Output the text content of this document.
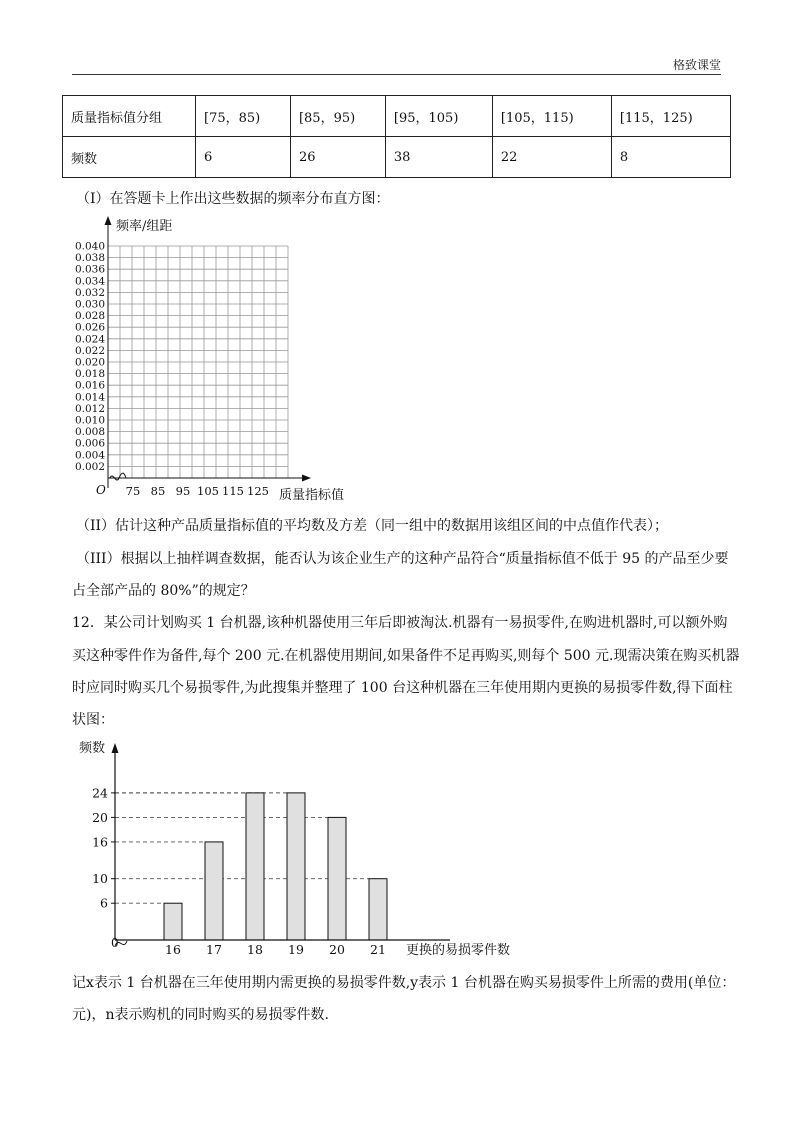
格致课堂
质量指标值分组	[75，85)	[85，95)	[95，105)	[105，115)	[115，125)
频数	6	26	38	22	8
（I）在答题卡上作出这些数据的频率分布直方图：
0.040
0.038
0.036
0.034
0.032
0.030
0.028
0.026
0.024
0.022
0.020
0.018
0.016
0.014
0.012
0.010
0.008
0.006
0.004
0.002
75 85 95 105 115 125
频率/组距
质量指标值
O
（II）估计这种产品质量指标值的平均数及方差（同一组中的数据用该组区间的中点值作代表）；
（III）根据以上抽样调查数据，能否认为该企业生产的这种产品符合“质量指标值不低于 95 的产品至少要
占全部产品的 80%”的规定？
12．某公司计划购买 1 台机器,该种机器使用三年后即被淘汰.机器有一易损零件,在购进机器时,可以额外购
买这种零件作为备件,每个 200 元.在机器使用期间,如果备件不足再购买,则每个 500 元.现需决策在购买机器
时应同时购买几个易损零件,为此搜集并整理了 100 台这种机器在三年使用期内更换的易损零件数,得下面柱
状图：
6
10
16
20
24
16 17 18 19 20 21
频数
更换的易损零件数
0
记x表示 1 台机器在三年使用期内需更换的易损零件数,y表示 1 台机器在购买易损零件上所需的费用(单位：
元)，n表示购机的同时购买的易损零件数.
